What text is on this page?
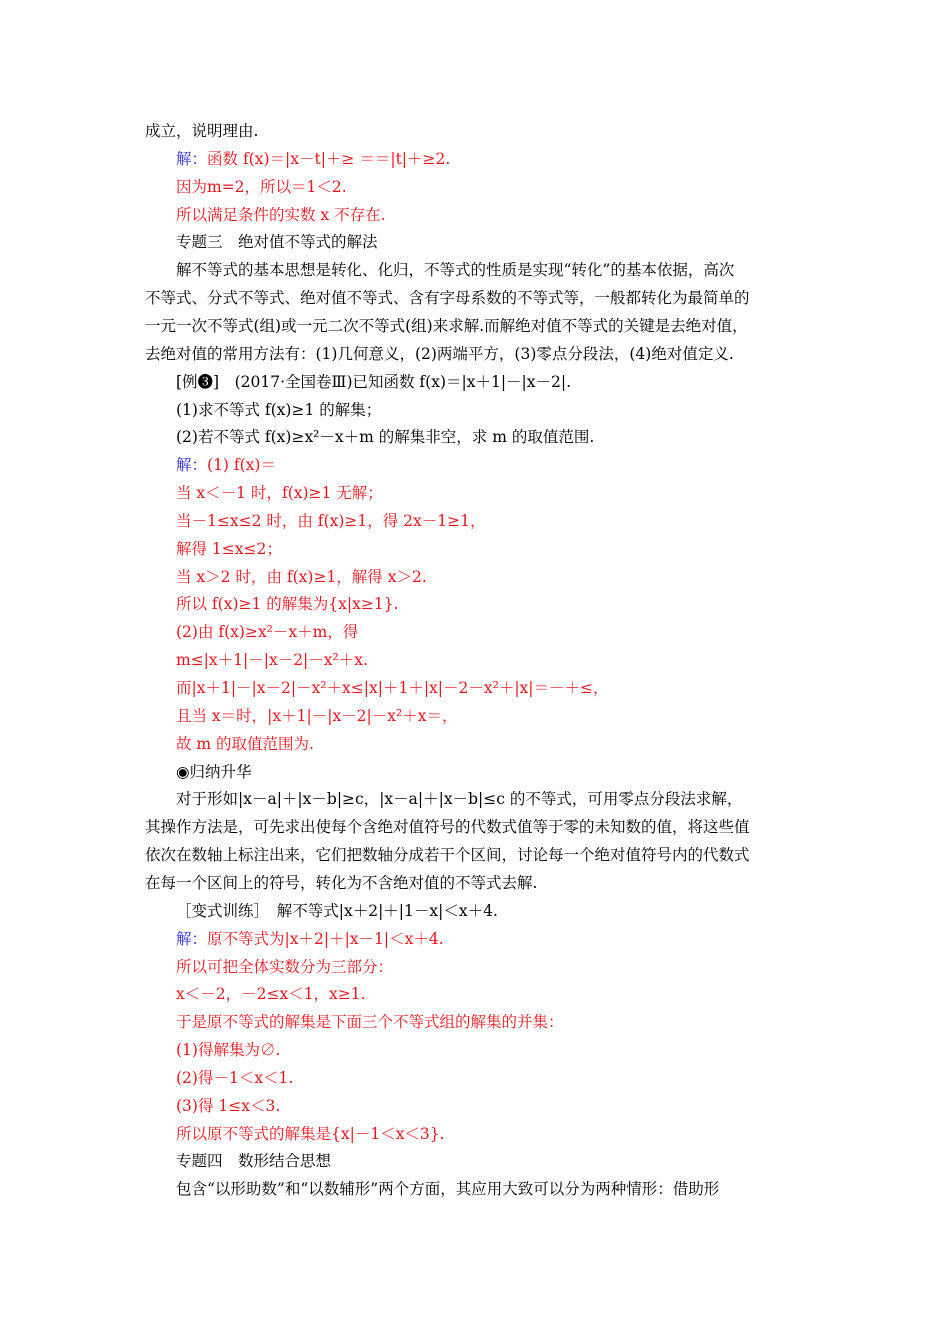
成立，说明理由.
解：函数 f(x)＝|x－t|＋≥ ＝＝|t|＋≥2.
因为m=2，所以＝1＜2.
所以满足条件的实数 x 不存在.
专题三　绝对值不等式的解法
解不等式的基本思想是转化、化归，不等式的性质是实现“转化”的基本依据，高次
不等式、分式不等式、绝对值不等式、含有字母系数的不等式等，一般都转化为最简单的
一元一次不等式(组)或一元二次不等式(组)来求解.而解绝对值不等式的关键是去绝对值，
去绝对值的常用方法有：(1)几何意义，(2)两端平方，(3)零点分段法，(4)绝对值定义.
[例❸]　(2017·全国卷Ⅲ)已知函数 f(x)＝|x＋1|－|x－2|.
(1)求不等式 f(x)≥1 的解集；
(2)若不等式 f(x)≥x²－x＋m 的解集非空，求 m 的取值范围.
解：(1) f(x)＝
当 x＜－1 时，f(x)≥1 无解；
当－1≤x≤2 时，由 f(x)≥1，得 2x－1≥1，
解得 1≤x≤2；
当 x＞2 时，由 f(x)≥1，解得 x＞2.
所以 f(x)≥1 的解集为{x|x≥1}.
(2)由 f(x)≥x²－x＋m，得
m≤|x＋1|－|x－2|－x²＋x.
而|x＋1|－|x－2|－x²＋x≤|x|＋1＋|x|－2－x²＋|x|＝－＋≤，
且当 x＝时，|x＋1|－|x－2|－x²＋x＝，
故 m 的取值范围为.
◉归纳升华
对于形如|x－a|＋|x－b|≥c，|x－a|＋|x－b|≤c 的不等式，可用零点分段法求解，
其操作方法是，可先求出使每个含绝对值符号的代数式值等于零的未知数的值，将这些值
依次在数轴上标注出来，它们把数轴分成若干个区间，讨论每一个绝对值符号内的代数式
在每一个区间上的符号，转化为不含绝对值的不等式去解.
［变式训练］　解不等式|x＋2|＋|1－x|＜x＋4.
解：原不等式为|x＋2|＋|x－1|＜x＋4.
所以可把全体实数分为三部分：
x＜－2，－2≤x＜1，x≥1.
于是原不等式的解集是下面三个不等式组的解集的并集：
(1)得解集为∅.
(2)得－1＜x＜1.
(3)得 1≤x＜3.
所以原不等式的解集是{x|－1＜x＜3}.
专题四　数形结合思想
包含“以形助数”和“以数辅形”两个方面，其应用大致可以分为两种情形：借助形
